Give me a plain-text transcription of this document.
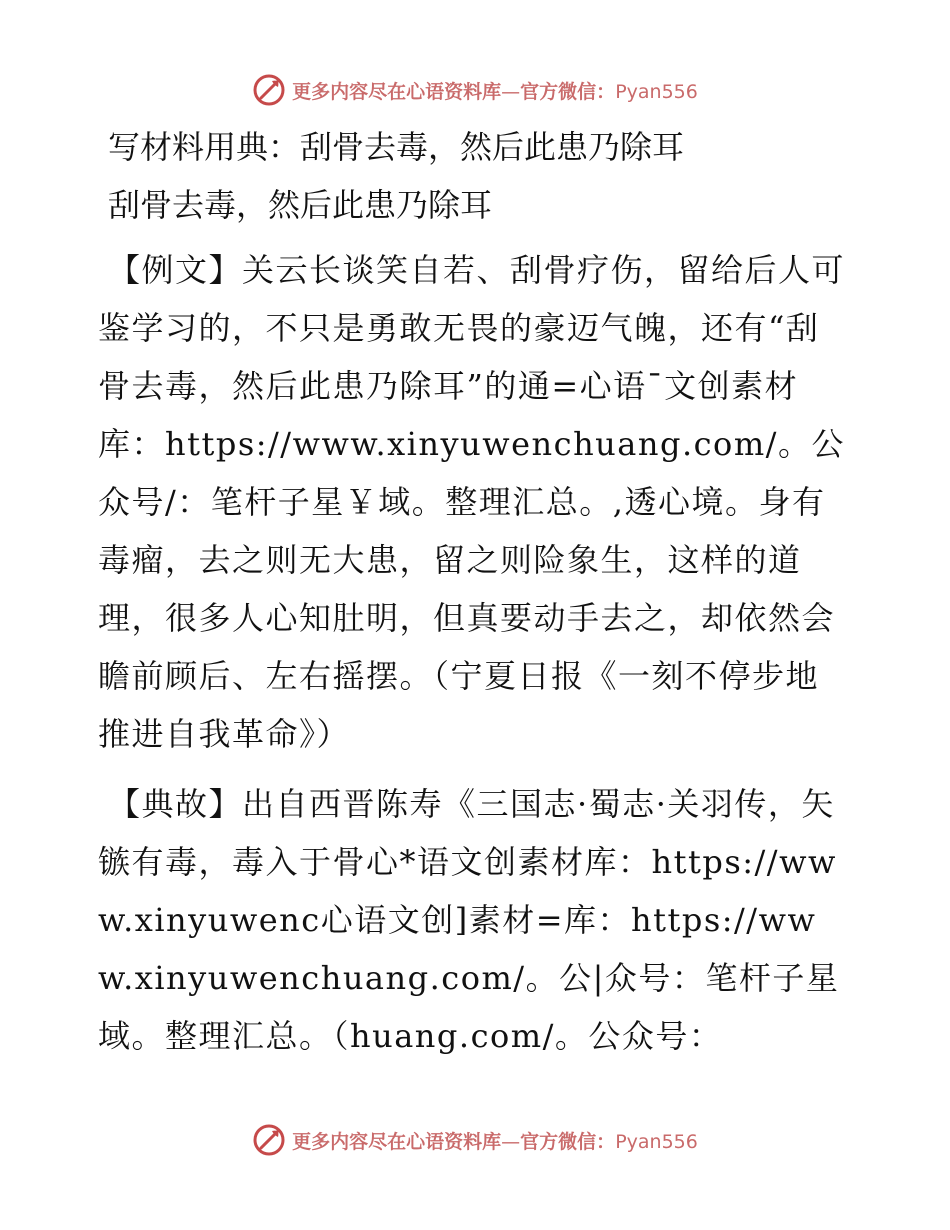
更多内容尽在心语资料库—官方微信：Pyan556
写材料用典：刮骨去毒，然后此患乃除耳
刮骨去毒，然后此患乃除耳

【例文】关云长谈笑自若、刮骨疗伤，留给后人可鉴学习的，不只是勇敢无畏的豪迈气魄，还有“刮骨去毒，然后此患乃除耳”的通=心语¯文创素材库：https://www.xinyuwenchuang.com/。公众号/：笔杆子星￥域。整理汇总。,透心境。身有毒瘤，去之则无大患，留之则险象生，这样的道理，很多人心知肚明，但真要动手去之，却依然会瞻前顾后、左右摇摆。（宁夏日报《一刻不停步地推进自我革命》）

【典故】出自西晋陈寿《三国志·蜀志·关羽传，矢镞有毒，毒入于骨心*语文创素材库：https://www.xinyuwenc心语文创]素材=库：https://www.xinyuwenchuang.com/。公|众号：笔杆子星域。整理汇总。（huang.com/。公众号：

更多内容尽在心语资料库—官方微信：Pyan556
